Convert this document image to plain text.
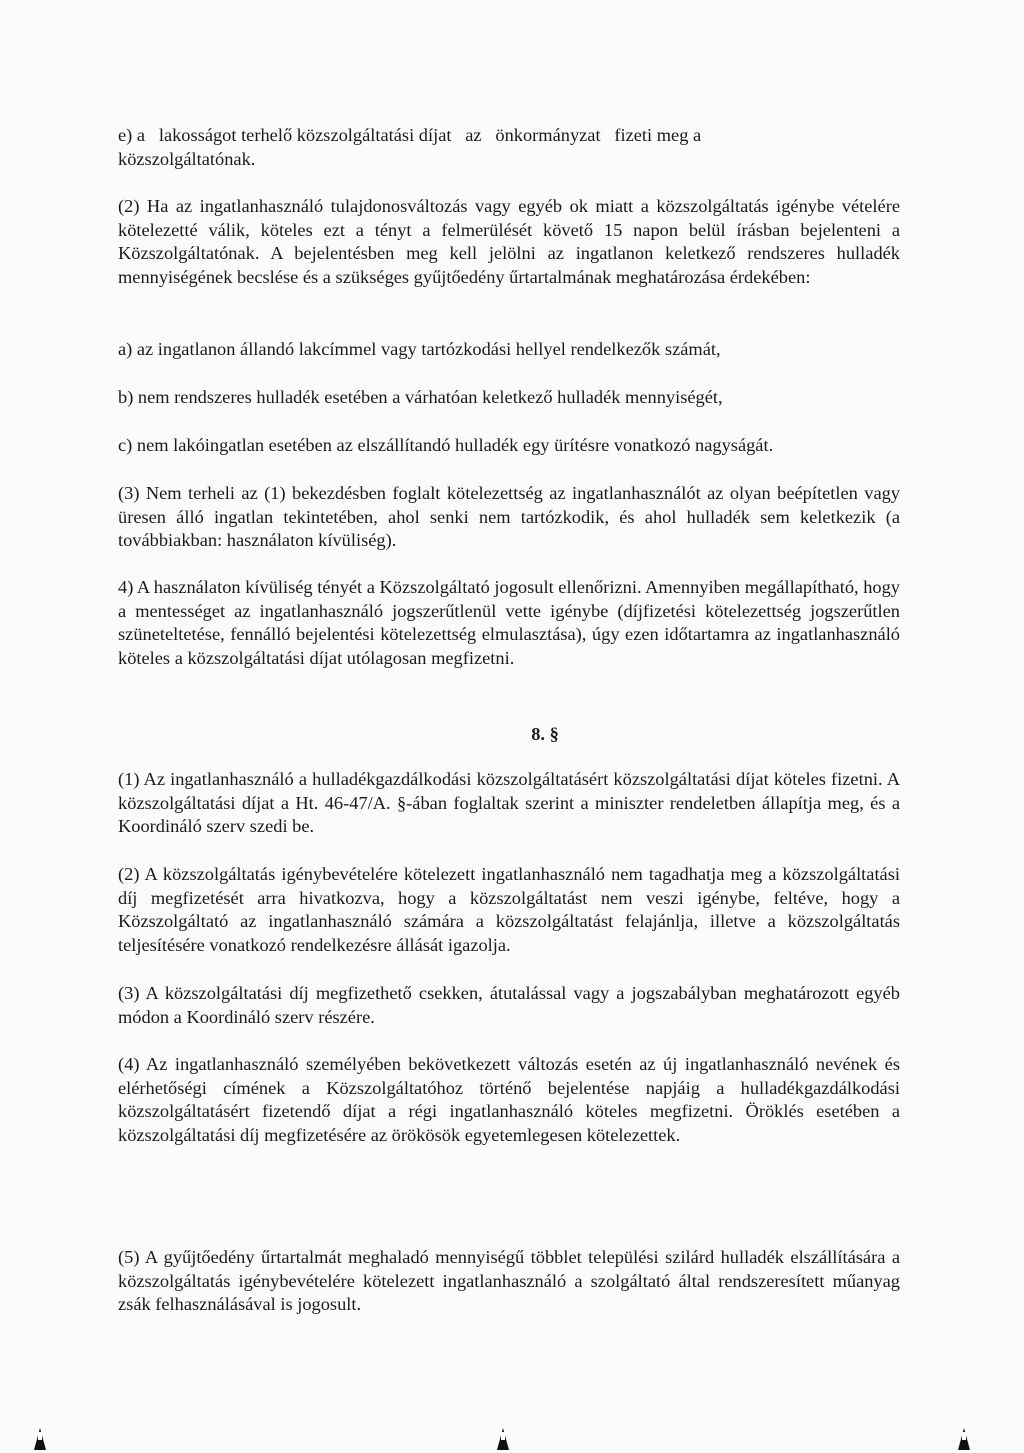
e) a   lakosságot terhelő közszolgáltatási díjat   az   önkormányzat   fizeti meg a

közszolgáltatónak.

(2) Ha az ingatlanhasználó tulajdonosváltozás vagy egyéb ok miatt a közszolgáltatás igénybe vételére kötelezetté válik, köteles ezt a tényt a felmerülését követő 15 napon belül írásban bejelenteni a Közszolgáltatónak. A bejelentésben meg kell jelölni az ingatlanon keletkező rendszeres hulladék mennyiségének becslése és a szükséges gyűjtőedény űrtartalmának meghatározása érdekében:

a) az ingatlanon állandó lakcímmel vagy tartózkodási hellyel rendelkezők számát,

b) nem rendszeres hulladék esetében a várhatóan keletkező hulladék mennyiségét,

c) nem lakóingatlan esetében az elszállítandó hulladék egy ürítésre vonatkozó nagyságát.

(3) Nem terheli az (1) bekezdésben foglalt kötelezettség az ingatlanhasználót az olyan beépítetlen vagy üresen álló ingatlan tekintetében, ahol senki nem tartózkodik, és ahol hulladék sem keletkezik (a továbbiakban: használaton kívüliség).

4) A használaton kívüliség tényét a Közszolgáltató jogosult ellenőrizni. Amennyiben megállapítható, hogy a mentességet az ingatlanhasználó jogszerűtlenül vette igénybe (díjfizetési kötelezettség jogszerűtlen szüneteltetése, fennálló bejelentési kötelezettség elmulasztása), úgy ezen időtartamra az ingatlanhasználó köteles a közszolgáltatási díjat utólagosan megfizetni.

8. §

(1) Az ingatlanhasználó a hulladékgazdálkodási közszolgáltatásért közszolgáltatási díjat köteles fizetni. A közszolgáltatási díjat a Ht. 46-47/A. §-ában foglaltak szerint a miniszter rendeletben állapítja meg, és a Koordináló szerv szedi be.

(2) A közszolgáltatás igénybevételére kötelezett ingatlanhasználó nem tagadhatja meg a közszolgáltatási díj megfizetését arra hivatkozva, hogy a közszolgáltatást nem veszi igénybe, feltéve, hogy a Közszolgáltató az ingatlanhasználó számára a közszolgáltatást felajánlja, illetve a közszolgáltatás teljesítésére vonatkozó rendelkezésre állását igazolja.

(3) A közszolgáltatási díj megfizethető csekken, átutalással vagy a jogszabályban meghatározott egyéb módon a Koordináló szerv részére.

(4) Az ingatlanhasználó személyében bekövetkezett változás esetén az új ingatlanhasználó nevének és elérhetőségi címének a Közszolgáltatóhoz történő bejelentése napjáig a hulladékgazdálkodási közszolgáltatásért fizetendő díjat a régi ingatlanhasználó köteles megfizetni. Öröklés esetében a közszolgáltatási díj megfizetésére az örökösök egyetemlegesen kötelezettek.

(5) A gyűjtőedény űrtartalmát meghaladó mennyiségű többlet települési szilárd hulladék elszállítására a közszolgáltatás igénybevételére kötelezett ingatlanhasználó a szolgáltató által rendszeresített műanyag zsák felhasználásával is jogosult.
